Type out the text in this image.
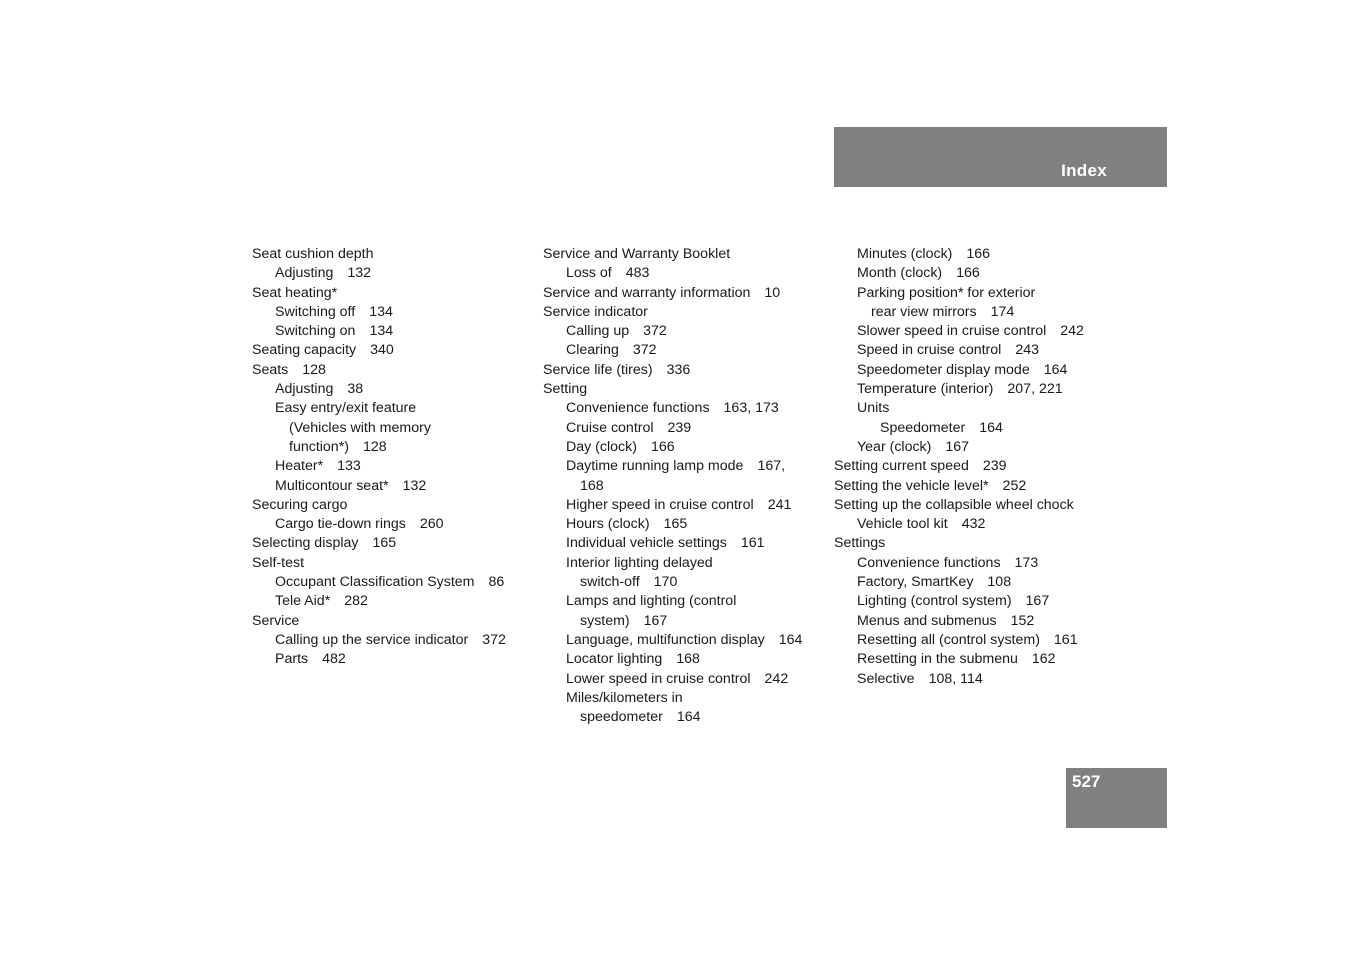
Index
Seat cushion depth
Adjusting 132
Seat heating*
Switching off 134
Switching on 134
Seating capacity 340
Seats 128
Adjusting 38
Easy entry/exit feature
(Vehicles with memory
function*) 128
Heater* 133
Multicontour seat* 132
Securing cargo
Cargo tie-down rings 260
Selecting display 165
Self-test
Occupant Classification System 86
Tele Aid* 282
Service
Calling up the service indicator 372
Parts 482
Service and Warranty Booklet
Loss of 483
Service and warranty information 10
Service indicator
Calling up 372
Clearing 372
Service life (tires) 336
Setting
Convenience functions 163, 173
Cruise control 239
Day (clock) 166
Daytime running lamp mode 167,
168
Higher speed in cruise control 241
Hours (clock) 165
Individual vehicle settings 161
Interior lighting delayed
switch-off 170
Lamps and lighting (control
system) 167
Language, multifunction display 164
Locator lighting 168
Lower speed in cruise control 242
Miles/kilometers in
speedometer 164
Minutes (clock) 166
Month (clock) 166
Parking position* for exterior
rear view mirrors 174
Slower speed in cruise control 242
Speed in cruise control 243
Speedometer display mode 164
Temperature (interior) 207, 221
Units
Speedometer 164
Year (clock) 167
Setting current speed 239
Setting the vehicle level* 252
Setting up the collapsible wheel chock
Vehicle tool kit 432
Settings
Convenience functions 173
Factory, SmartKey 108
Lighting (control system) 167
Menus and submenus 152
Resetting all (control system) 161
Resetting in the submenu 162
Selective 108, 114
527
